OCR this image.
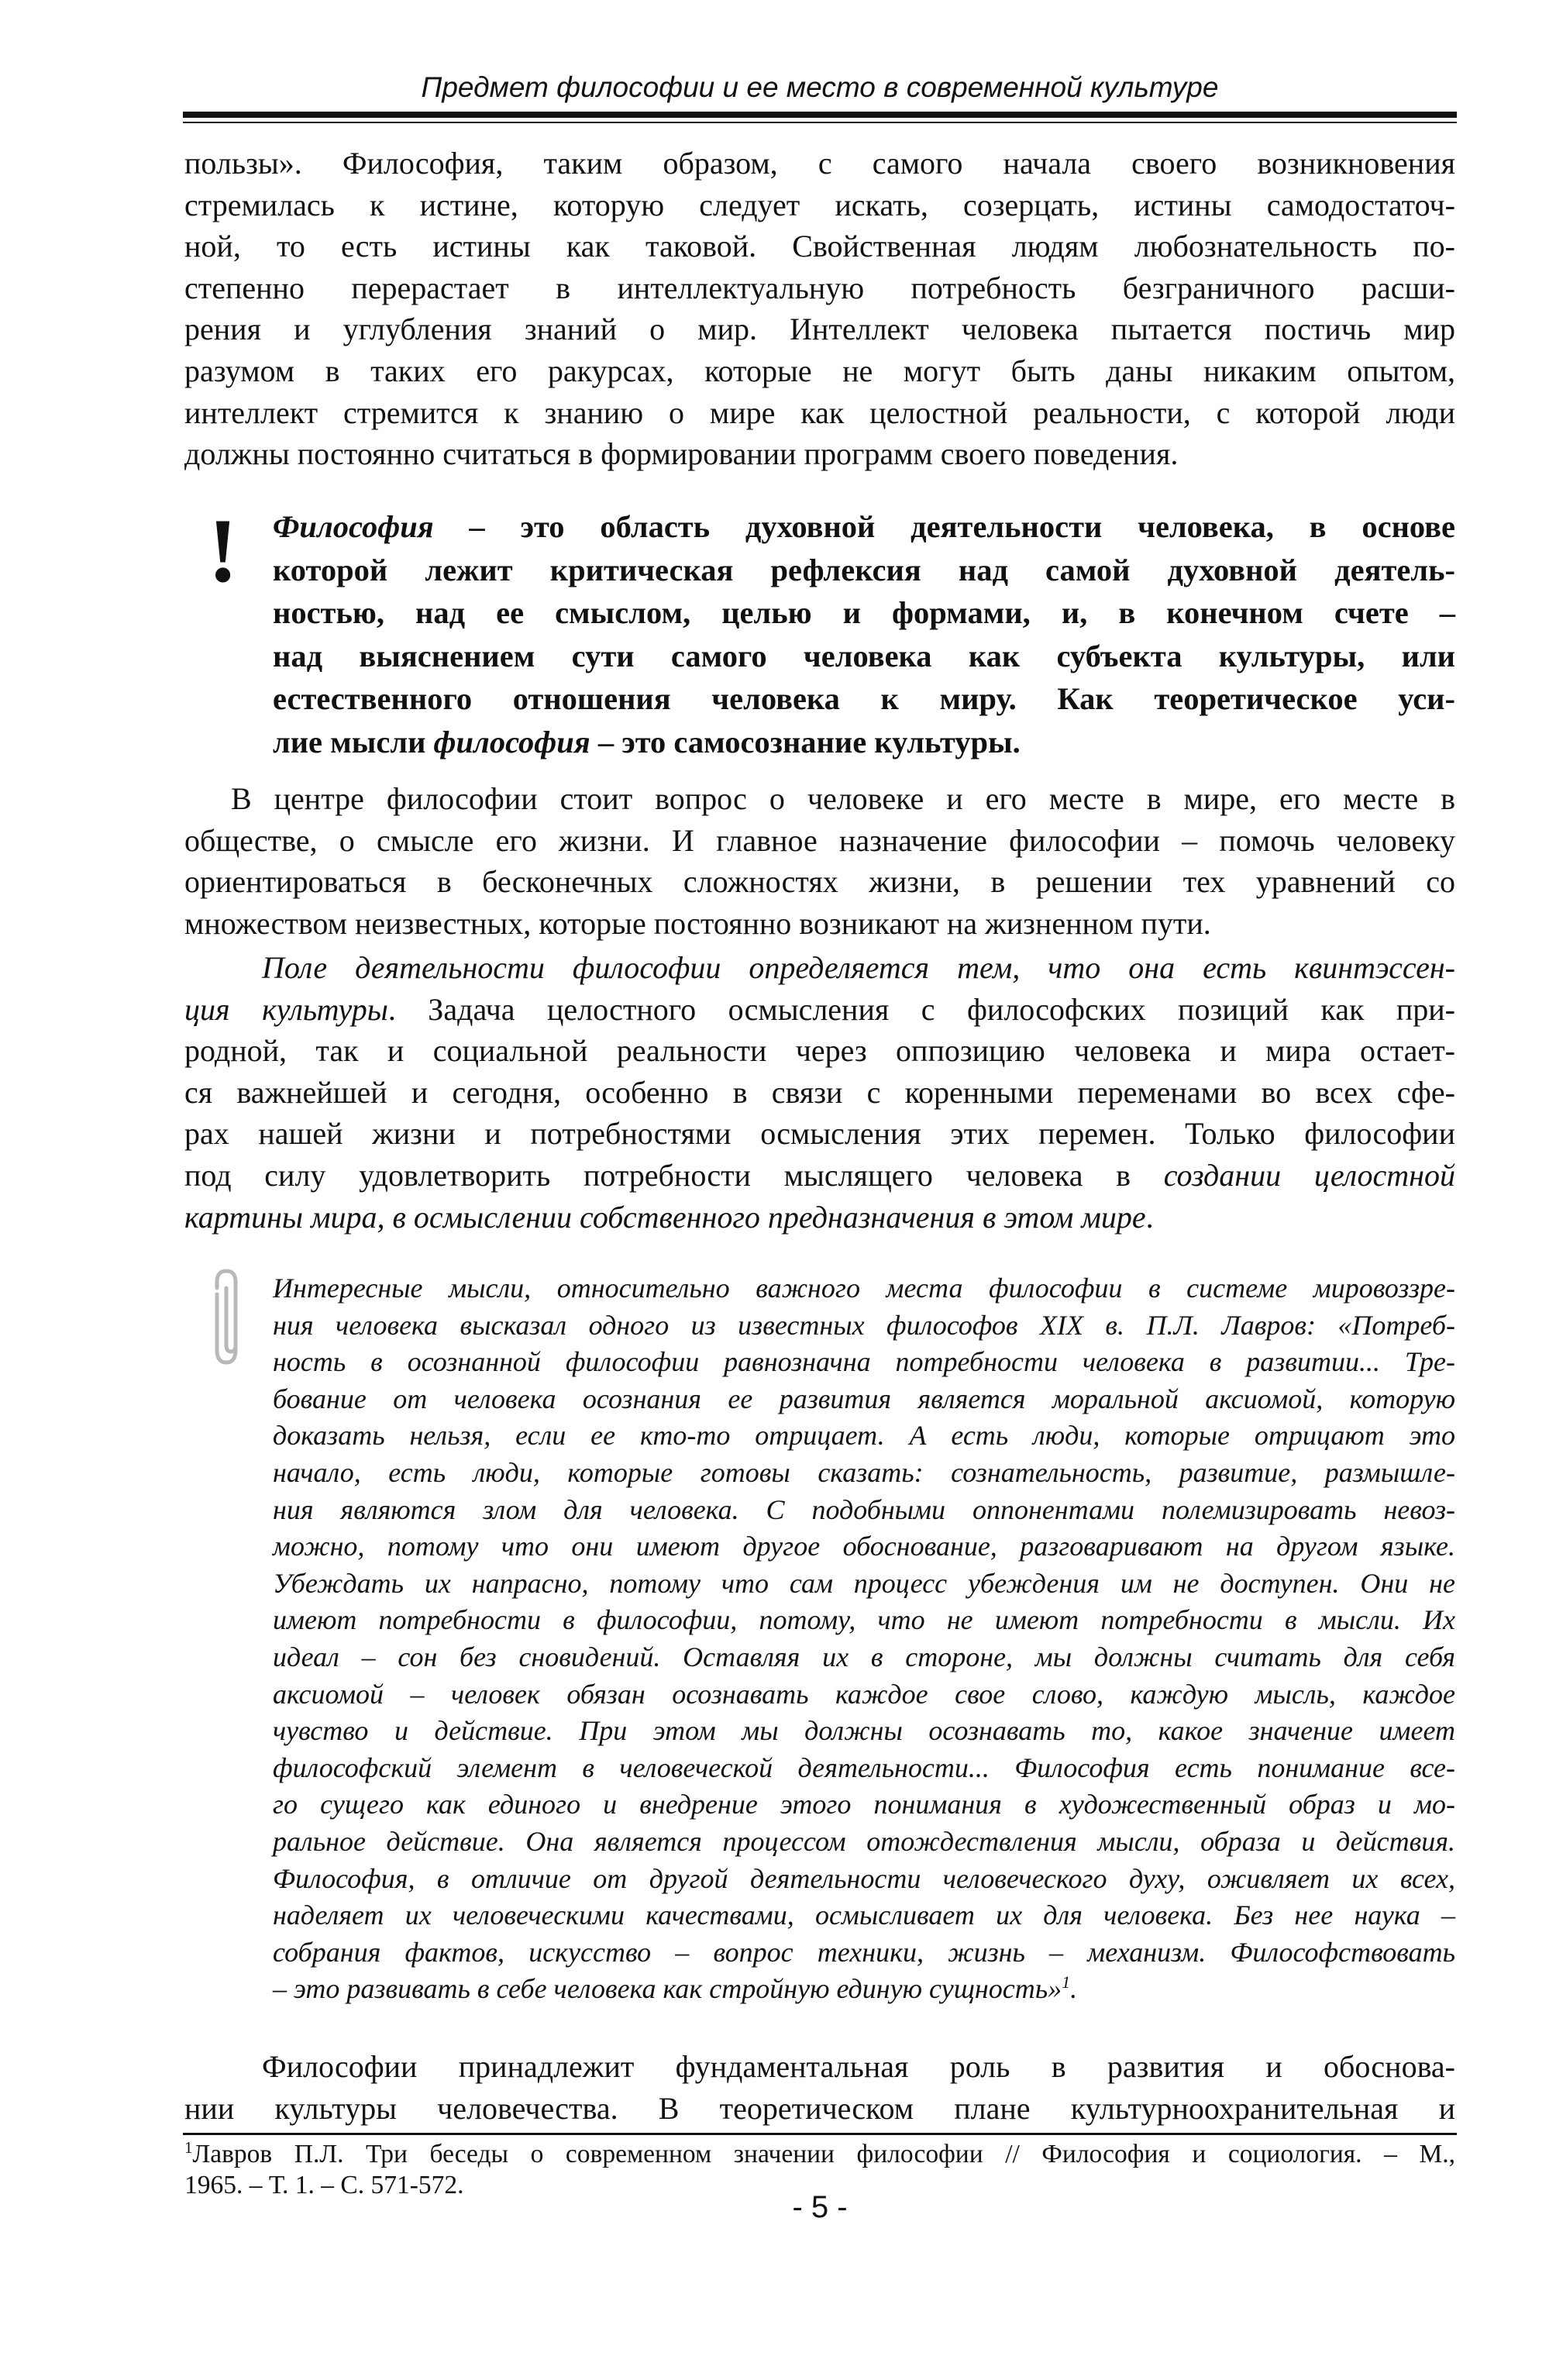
Предмет философии и ее место в современной культуре
пользы». Философия, таким образом, с самого начала своего возникновения
стремилась к истине, которую следует искать, созерцать, истины самодостаточ-
ной, то есть истины как таковой. Свойственная людям любознательность по-
степенно перерастает в интеллектуальную потребность безграничного расши-
рения и углубления знаний о мир. Интеллект человека пытается постичь мир
разумом в таких его ракурсах, которые не могут быть даны никаким опытом,
интеллект стремится к знанию о мире как целостной реальности, с которой люди
должны постоянно считаться в формировании программ своего поведения.
! Философия – это область духовной деятельности человека, в основе
которой лежит критическая рефлексия над самой духовной деятель-
ностью, над ее смыслом, целью и формами, и, в конечном счете –
над выяснением сути самого человека как субъекта культуры, или
естественного отношения человека к миру. Как теоретическое уси-
лие мысли философия – это самосознание культуры.
В центре философии стоит вопрос о человеке и его месте в мире, его месте в
обществе, о смысле его жизни. И главное назначение философии – помочь человеку
ориентироваться в бесконечных сложностях жизни, в решении тех уравнений со
множеством неизвестных, которые постоянно возникают на жизненном пути.
Поле деятельности философии определяется тем, что она есть квинтэссен-
ция культуры. Задача целостного осмысления с философских позиций как при-
родной, так и социальной реальности через оппозицию человека и мира остает-
ся важнейшей и сегодня, особенно в связи с коренными переменами во всех сфе-
рах нашей жизни и потребностями осмысления этих перемен. Только философии
под силу удовлетворить потребности мыслящего человека в создании целостной
картины мира, в осмыслении собственного предназначения в этом мире.
Интересные мысли, относительно важного места философии в системе мировоззре-
ния человека высказал одного из известных философов XIX в. П.Л. Лавров: «Потреб-
ность в осознанной философии равнозначна потребности человека в развитии... Тре-
бование от человека осознания ее развития является моральной аксиомой, которую
доказать нельзя, если ее кто-то отрицает. А есть люди, которые отрицают это
начало, есть люди, которые готовы сказать: сознательность, развитие, размышле-
ния являются злом для человека. С подобными оппонентами полемизировать невоз-
можно, потому что они имеют другое обоснование, разговаривают на другом языке.
Убеждать их напрасно, потому что сам процесс убеждения им не доступен. Они не
имеют потребности в философии, потому, что не имеют потребности в мысли. Их
идеал – сон без сновидений. Оставляя их в стороне, мы должны считать для себя
аксиомой – человек обязан осознавать каждое свое слово, каждую мысль, каждое
чувство и действие. При этом мы должны осознавать то, какое значение имеет
философский элемент в человеческой деятельности... Философия есть понимание все-
го сущего как единого и внедрение этого понимания в художественный образ и мо-
ральное действие. Она является процессом отождествления мысли, образа и действия.
Философия, в отличие от другой деятельности человеческого духу, оживляет их всех,
наделяет их человеческими качествами, осмысливает их для человека. Без нее наука –
собрания фактов, искусство – вопрос техники, жизнь – механизм. Философствовать
– это развивать в себе человека как стройную единую сущность»$^1$.
Философии принадлежит фундаментальная роль в развития и обоснова-
нии культуры человечества. В теоретическом плане культурноохранительная и
$^1$Лавров П.Л. Три беседы о современном значении философии // Философия и социология. – М.,
1965. – Т. 1. – С. 571-572.
- 5 -
